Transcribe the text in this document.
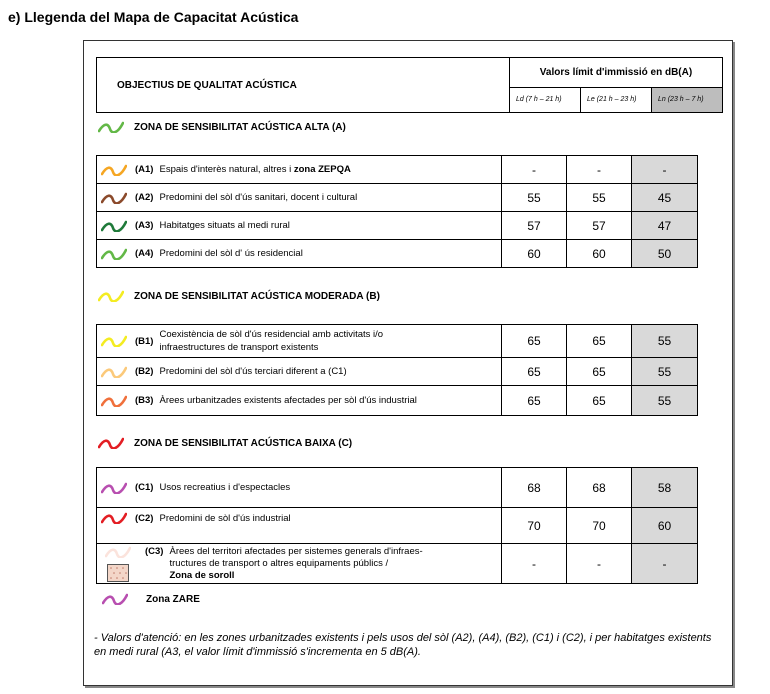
e) Llegenda del Mapa de Capacitat Acústica
OBJECTIUS DE QUALITAT ACÚSTICA	Valors límit d'immissió en dB(A)		
	Ld (7 h – 21 h)	Le (21 h – 23 h)	Ln (23 h – 7 h)
ZONA DE SENSIBILITAT ACÚSTICA ALTA (A)
(A1) Espais d'interès natural, altres i
zona ZEPQA	-	-	-

(A2) Predomini del sòl d'ús sanitari, docent i cultural	55	55	45

(A3) Habitatges situats al medi rural	57	57	47

(A4) Predomini del sòl d' ús residencial	60	60	50
ZONA DE SENSIBILITAT ACÚSTICA MODERADA (B)
(B1)
Coexistència de sòl d'ús residencial amb activitats i/o
infraestructures de transport existents	65	65	55

(B2) Predomini del sòl d'ús terciari diferent a (C1)	65	65	55

(B3) Àrees urbanitzades existents afectades per sòl d'ús industrial	65	65	55
ZONA DE SENSIBILITAT ACÚSTICA BAIXA (C)
(C1) Usos recreatius i d'espectacles	68	68	58

(C2) Predomini de sòl d'ús industrial	70	70	60

(C3) Àrees del territori afectades per sistemes generals d'infraes-
tructures de transport o altres equipaments públics /
Zona de soroll	-	-	-
Zona ZARE
- Valors d'atenció: en les zones urbanitzades existents i pels usos del sòl (A2), (A4), (B2), (C1) i (C2), i per habitatges existents en medi rural (A3, el valor límit d'immissió s'incrementa en 5 dB(A).
